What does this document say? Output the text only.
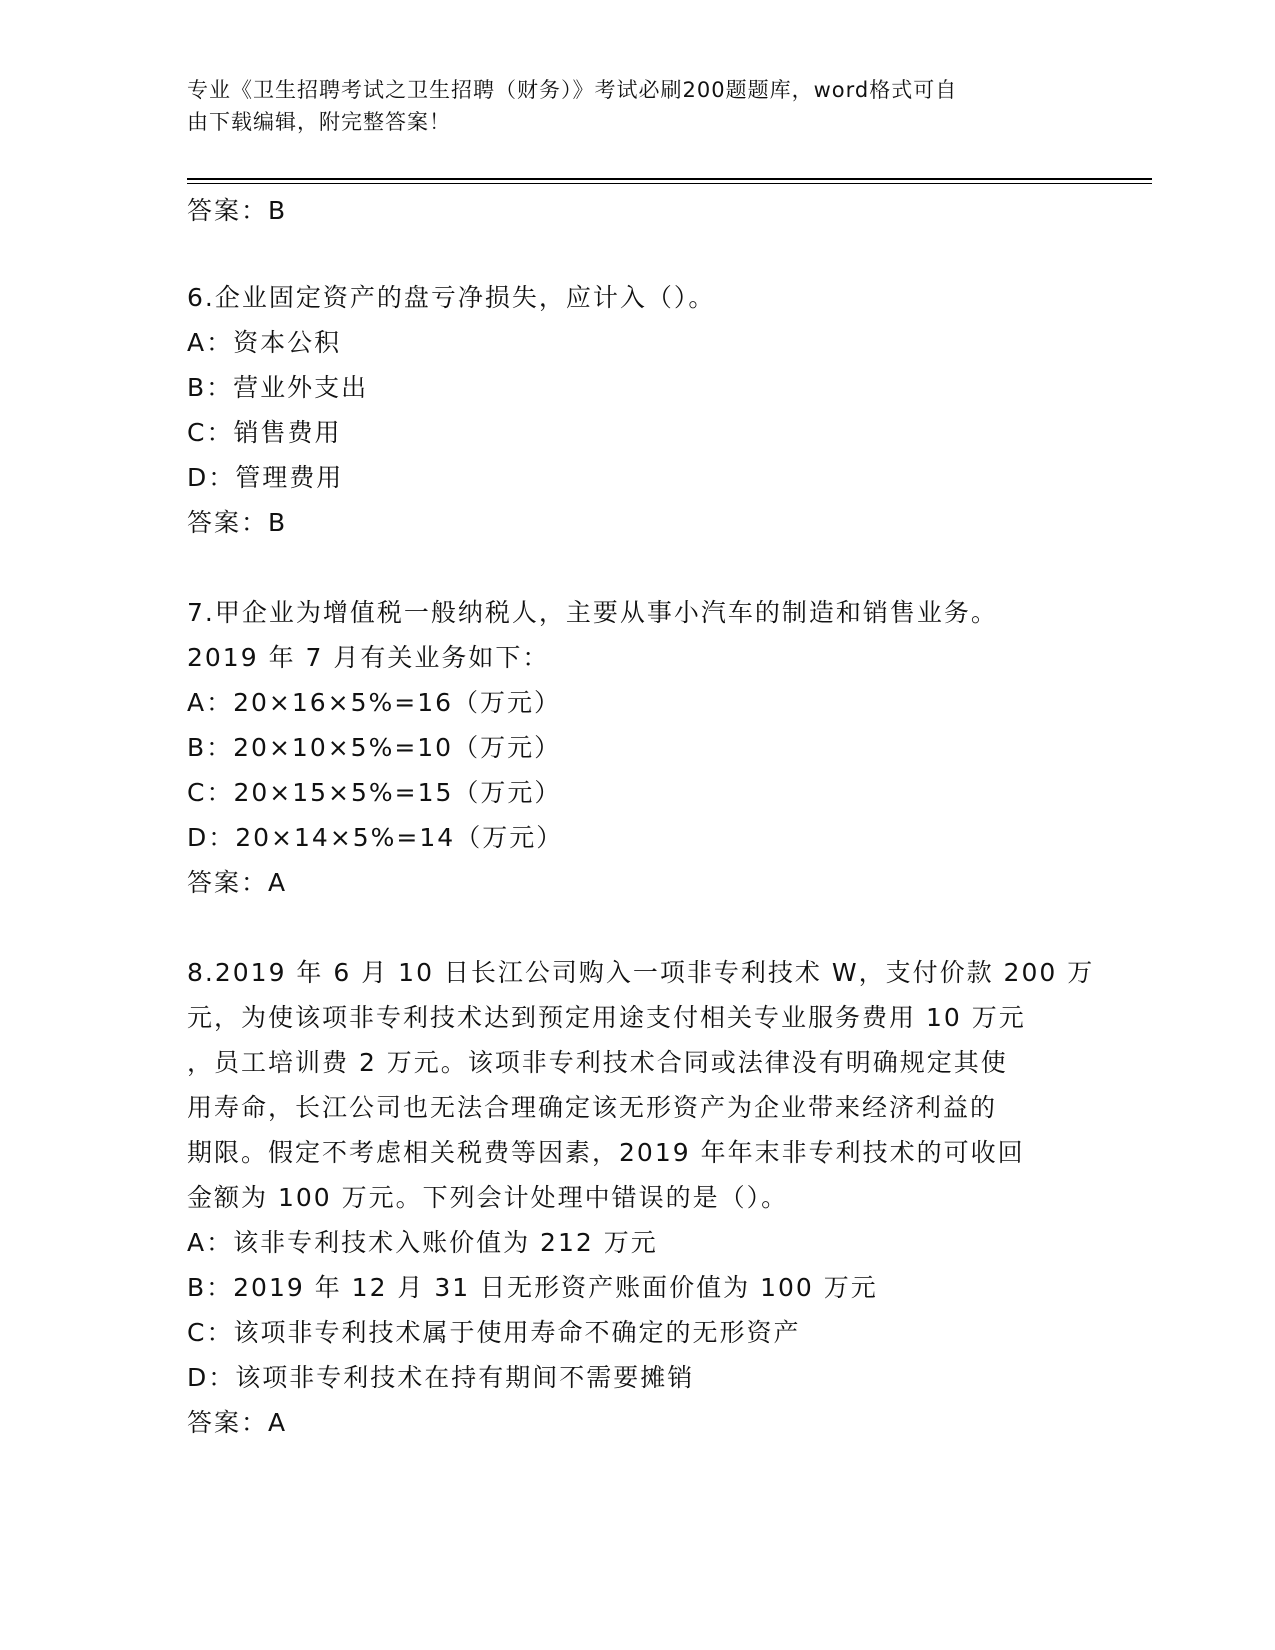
专业《卫生招聘考试之卫生招聘（财务）》考试必刷200题题库，word格式可自
由下载编辑，附完整答案！
答案：B
6.企业固定资产的盘亏净损失，应计入（）。
A：资本公积
B：营业外支出
C：销售费用
D：管理费用
答案：B
7.甲企业为增值税一般纳税人，主要从事小汽车的制造和销售业务。
2019 年 7 月有关业务如下：
A：20×16×5%=16（万元）
B：20×10×5%=10（万元）
C：20×15×5%=15（万元）
D：20×14×5%=14（万元）
答案：A
8.2019 年 6 月 10 日长江公司购入一项非专利技术 W，支付价款 200 万
元，为使该项非专利技术达到预定用途支付相关专业服务费用 10 万元
，员工培训费 2 万元。该项非专利技术合同或法律没有明确规定其使
用寿命，长江公司也无法合理确定该无形资产为企业带来经济利益的
期限。假定不考虑相关税费等因素，2019 年年末非专利技术的可收回
金额为 100 万元。下列会计处理中错误的是（）。
A：该非专利技术入账价值为 212 万元
B：2019 年 12 月 31 日无形资产账面价值为 100 万元
C：该项非专利技术属于使用寿命不确定的无形资产
D：该项非专利技术在持有期间不需要摊销
答案：A
